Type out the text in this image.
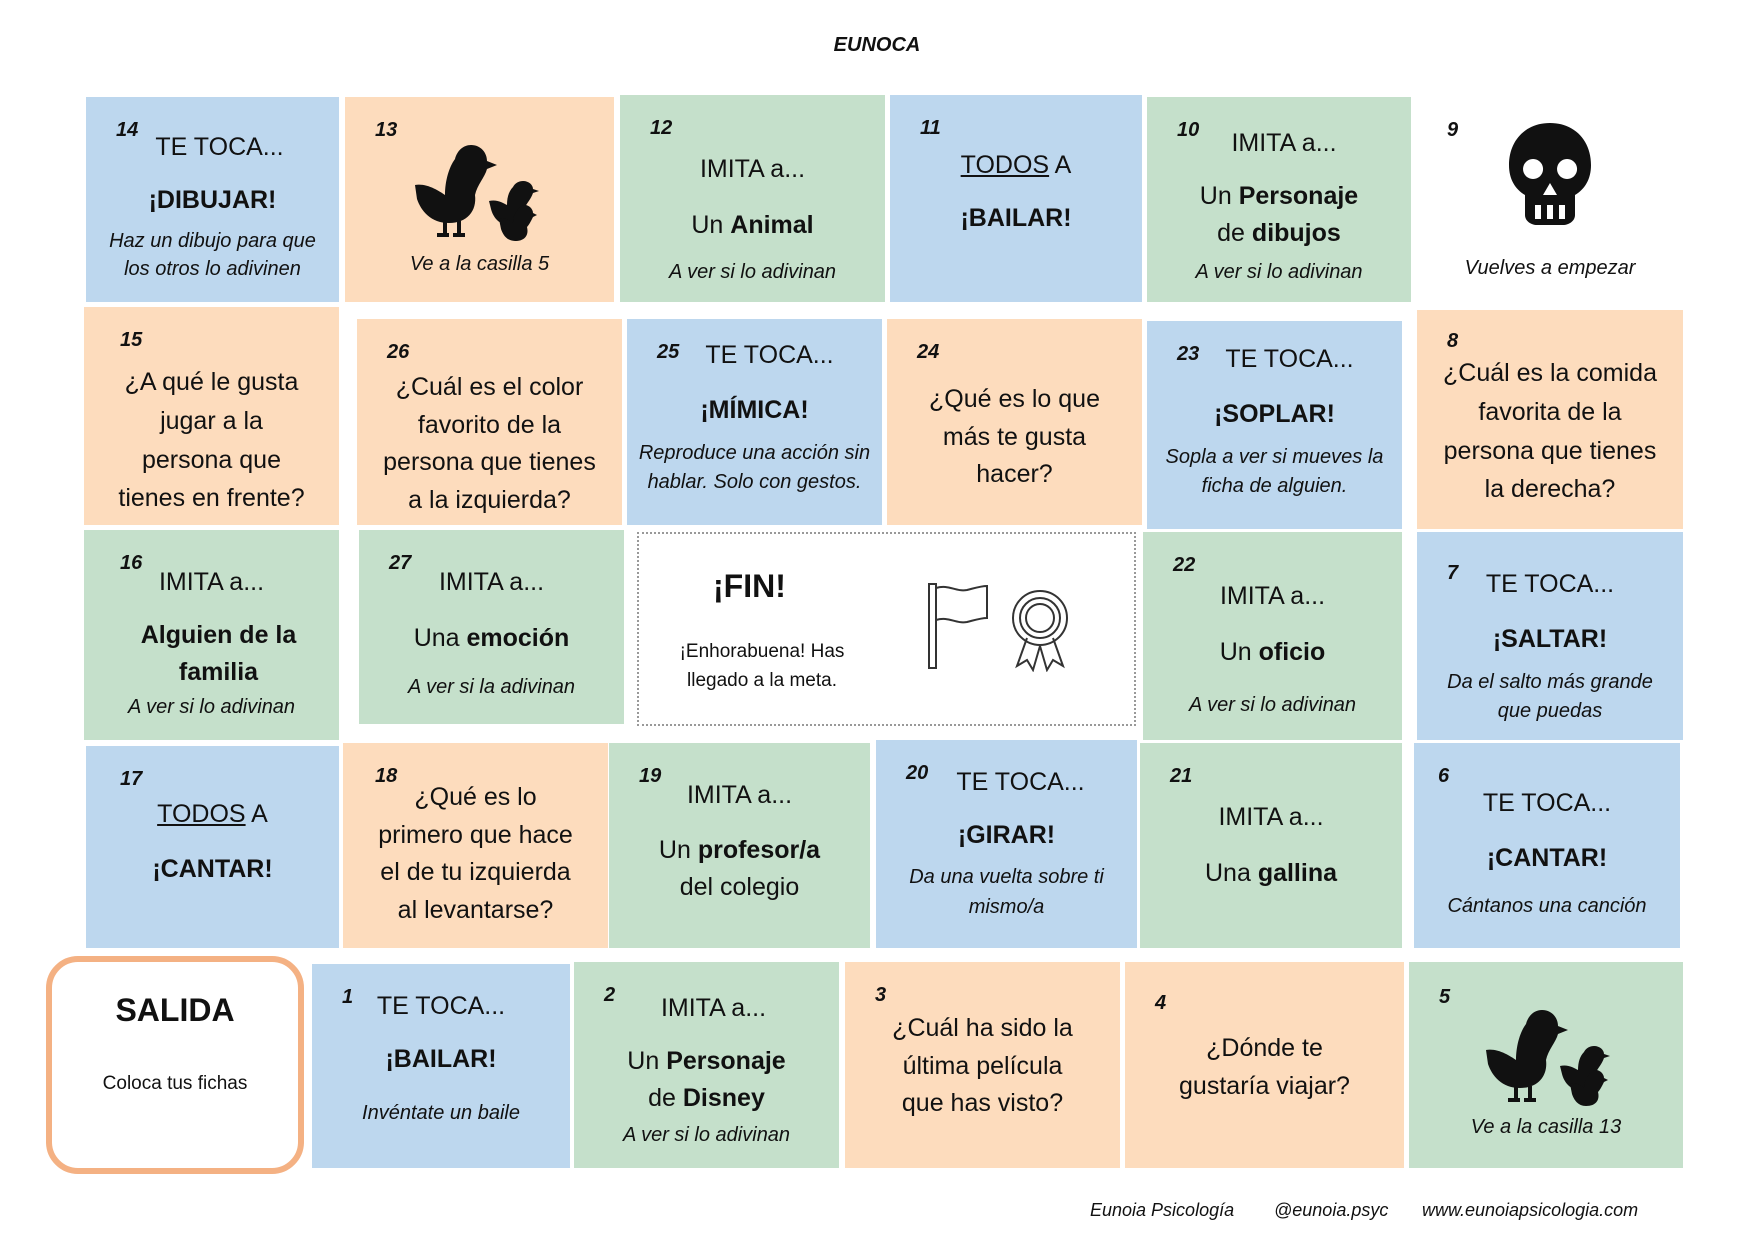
EUNOCA
14
TE TOCA...
¡DIBUJAR!
Haz un dibujo para que
los otros lo adivinen
13
Ve a la casilla 5
12
IMITA a...
Un Animal
A ver si lo adivinan
11
TODOS A
¡BAILAR!
10 IMITA a...
Un Personaje
de dibujos
A ver si lo adivinan
9
Vuelves a empezar
15
¿A qué le gusta
jugar a la
persona que
tienes en frente?
26
¿Cuál es el color
favorito de la
persona que tienes
a la izquierda?
25 TE TOCA...
¡MÍMICA!
Reproduce una acción sin
hablar. Solo con gestos.
24
¿Qué es lo que
más te gusta
hacer?
23 TE TOCA...
¡SOPLAR!
Sopla a ver si mueves la
ficha de alguien.
8
¿Cuál es la comida
favorita de la
persona que tienes
la derecha?
16
IMITA a...
Alguien de la
familia
A ver si lo adivinan
27
IMITA a...
Una emoción
A ver si la adivinan
¡FIN!
¡Enhorabuena! Has
llegado a la meta.
22
IMITA a...
Un oficio
A ver si lo adivinan
7 TE TOCA...
¡SALTAR!
Da el salto más grande
que puedas
17
TODOS A
¡CANTAR!
18
¿Qué es lo
primero que hace
el de tu izquierda
al levantarse?
19
IMITA a...
Un profesor/a
del colegio
20 TE TOCA...
¡GIRAR!
Da una vuelta sobre ti
mismo/a
21
IMITA a...
Una gallina
6
TE TOCA...
¡CANTAR!
Cántanos una canción
SALIDA
Coloca tus fichas
1 TE TOCA...
¡BAILAR!
Invéntate un baile
2 IMITA a...
Un Personaje
de Disney
A ver si lo adivinan
3
¿Cuál ha sido la
última película
que has visto?
4
¿Dónde te
gustaría viajar?
5
Ve a la casilla 13
Eunoia Psicología @eunoia.psyc www.eunoiapsicologia.com
